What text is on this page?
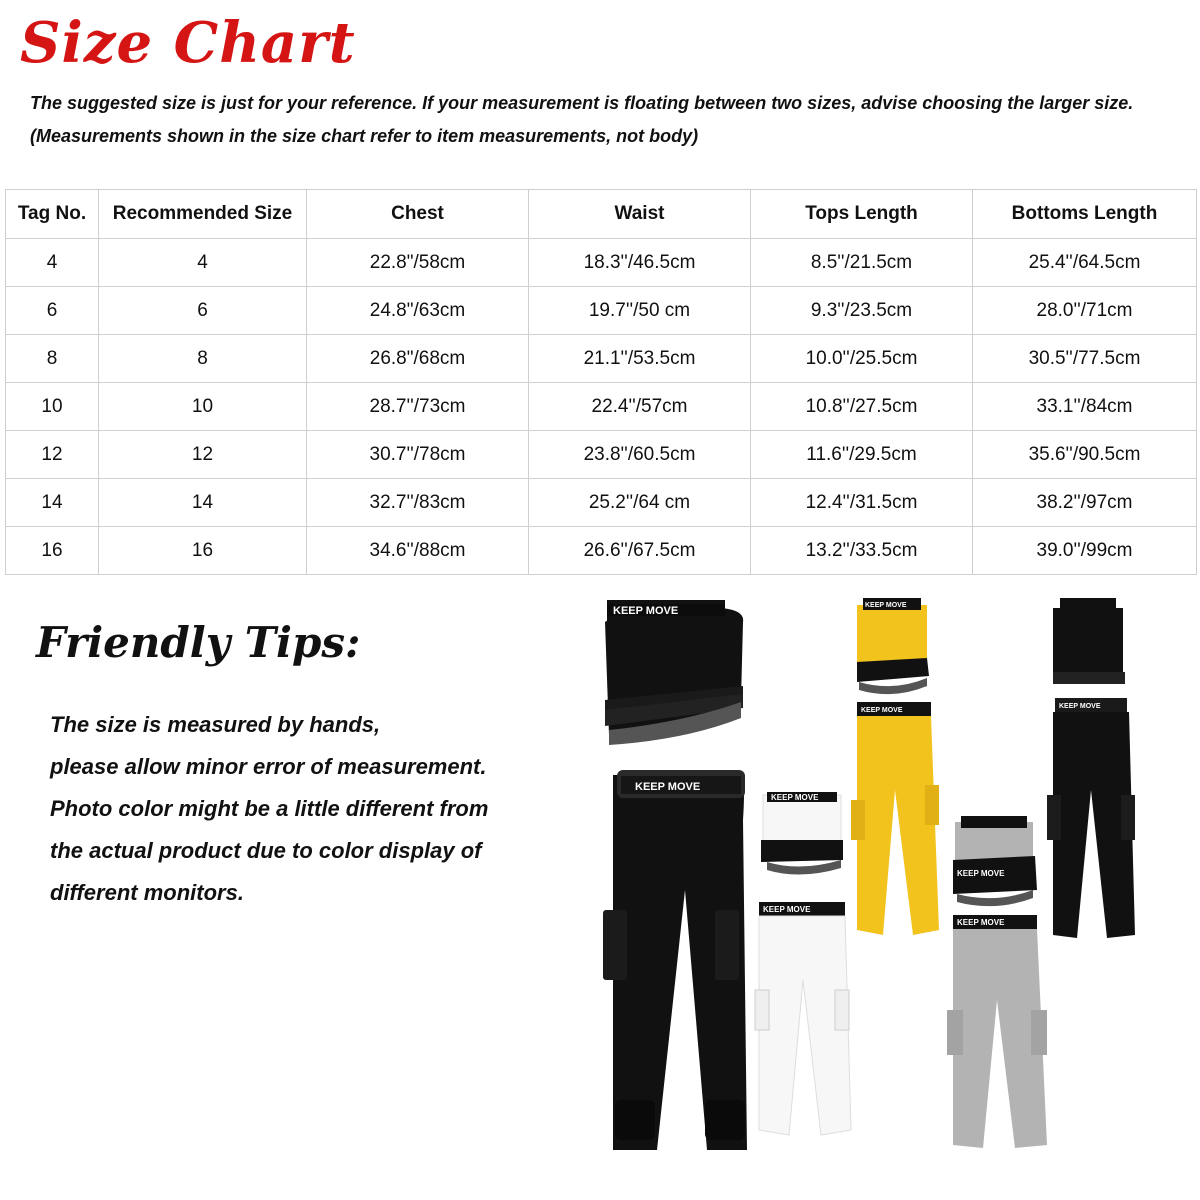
Size Chart
The suggested size is just for your reference. If your measurement is floating between two sizes, advise choosing the larger size.
(Measurements shown in the size chart refer to item measurements, not body)
Tag No.	Recommended Size	Chest	Waist	Tops Length	Bottoms Length
4	4	22.8"/58cm	18.3''/46.5cm	8.5''/21.5cm	25.4''/64.5cm
6	6	24.8"/63cm	19.7''/50 cm	9.3''/23.5cm	28.0''/71cm
8	8	26.8"/68cm	21.1''/53.5cm	10.0''/25.5cm	30.5''/77.5cm
10	10	28.7''/73cm	22.4''/57cm	10.8''/27.5cm	33.1''/84cm
12	12	30.7''/78cm	23.8''/60.5cm	11.6''/29.5cm	35.6''/90.5cm
14	14	32.7''/83cm	25.2''/64 cm	12.4''/31.5cm	38.2''/97cm
16	16	34.6''/88cm	26.6''/67.5cm	13.2''/33.5cm	39.0''/99cm
Friendly Tips:
The size is measured by hands,
please allow minor error of measurement.
Photo color might be a little different from
the actual product due to color display of
different monitors.
KEEP MOVE
KEEP MOVE
KEEP MOVE
KEEP MOVE
KEEP MOVE
KEEP MOVE
KEEP MOVE
KEEP MOVE
KEEP MOVE
